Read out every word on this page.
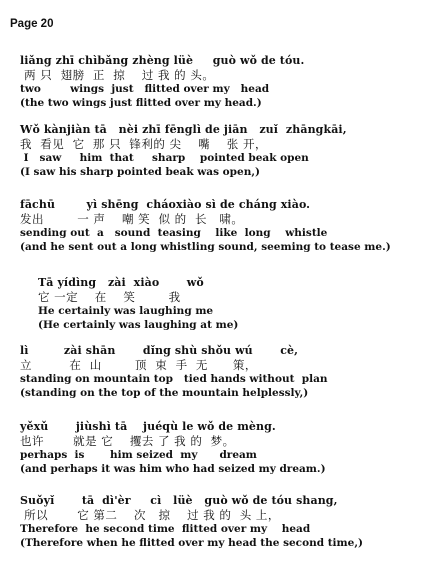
Page 20
liǎng zhī chìbǎng zhèng lüè     guò wǒ de tóu.
两 只  翅膀  正  掠    过 我 的 头。
two        wings  just   flitted over my   head
(the two wings just flitted over my head.)
Wǒ kànjiàn tā   nèi zhī fēnglì de jiān   zuǐ  zhāngkāi,
我  看见  它  那 只  锋利的 尖    嘴    张 开，
I   saw     him  that     sharp    pointed beak open
(I saw his sharp pointed beak was open,)
fāchū        yì shēng  cháoxiào sì de cháng xiào.
发出        一 声    嘲 笑  似 的  长   啸。
sending out  a   sound  teasing    like  long    whistle
(and he sent out a long whistling sound, seeming to tease me.)
Tā yídìng   zài  xiào       wǒ
它 一定    在    笑        我
He certainly was laughing me
(He certainly was laughing at me)
lì         zài shān       dǐng shù shǒu wú       cè,
立         在  山        顶  束  手  无      策，
standing on mountain top   tied hands without  plan
(standing on the top of the mountain helplessly,)
yěxǔ       jiùshì tā    juéqù le wǒ de mèng.
也许       就是 它    攫去 了 我 的  梦。
perhaps  is       him seized  my      dream
(and perhaps it was him who had seized my dream.)
Suǒyǐ       tā  dì'èr     cì   lüè   guò wǒ de tóu shang,
所以       它 第二    次   掠    过 我 的  头 上，
Therefore  he second time  flitted over my    head
(Therefore when he flitted over my head the second time,)
